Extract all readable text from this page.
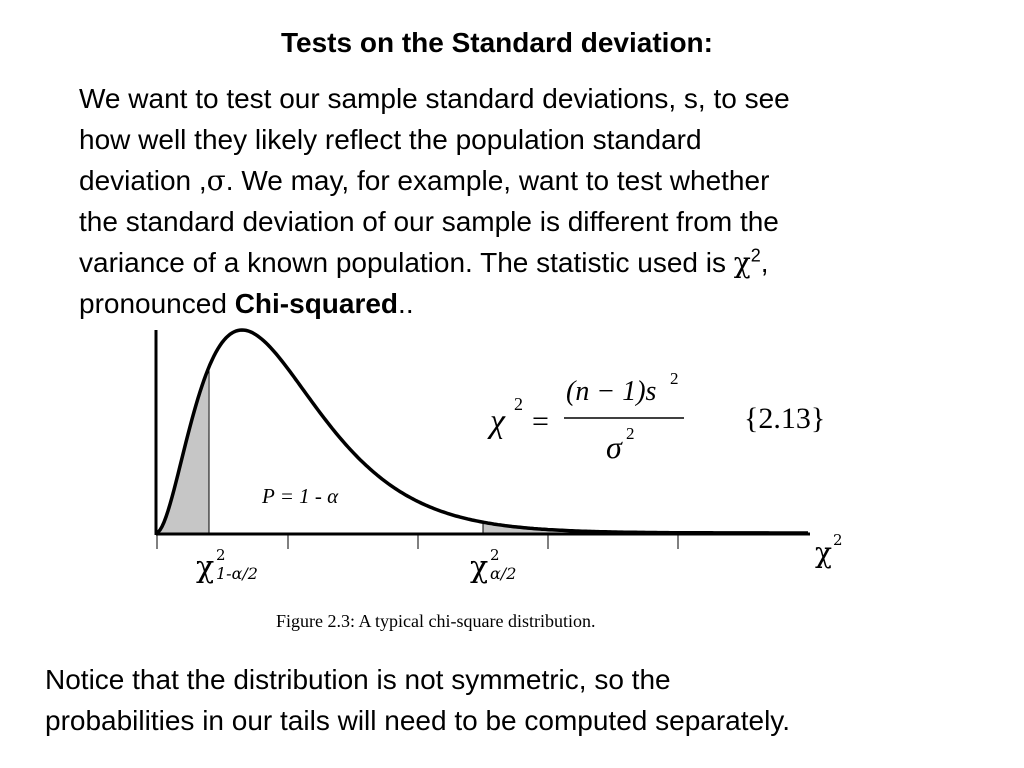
Tests on the Standard deviation:
We want to test our sample standard deviations, s, to see
how well they likely reflect the population standard
deviation ,σ. We may, for example, want to test whether
the standard deviation of our sample is different from the
variance of a known population. The statistic used is $\chi^2$,
pronounced Chi-squared..
P = 1 - α
χ 2
=
(n − 1)s 2
σ 2	{2.13}
χ 2
1-α/2	χ 2
α/2
χ 2
Figure 2.3: A typical chi-square distribution.
Notice that the distribution is not symmetric, so the
probabilities in our tails will need to be computed separately.
